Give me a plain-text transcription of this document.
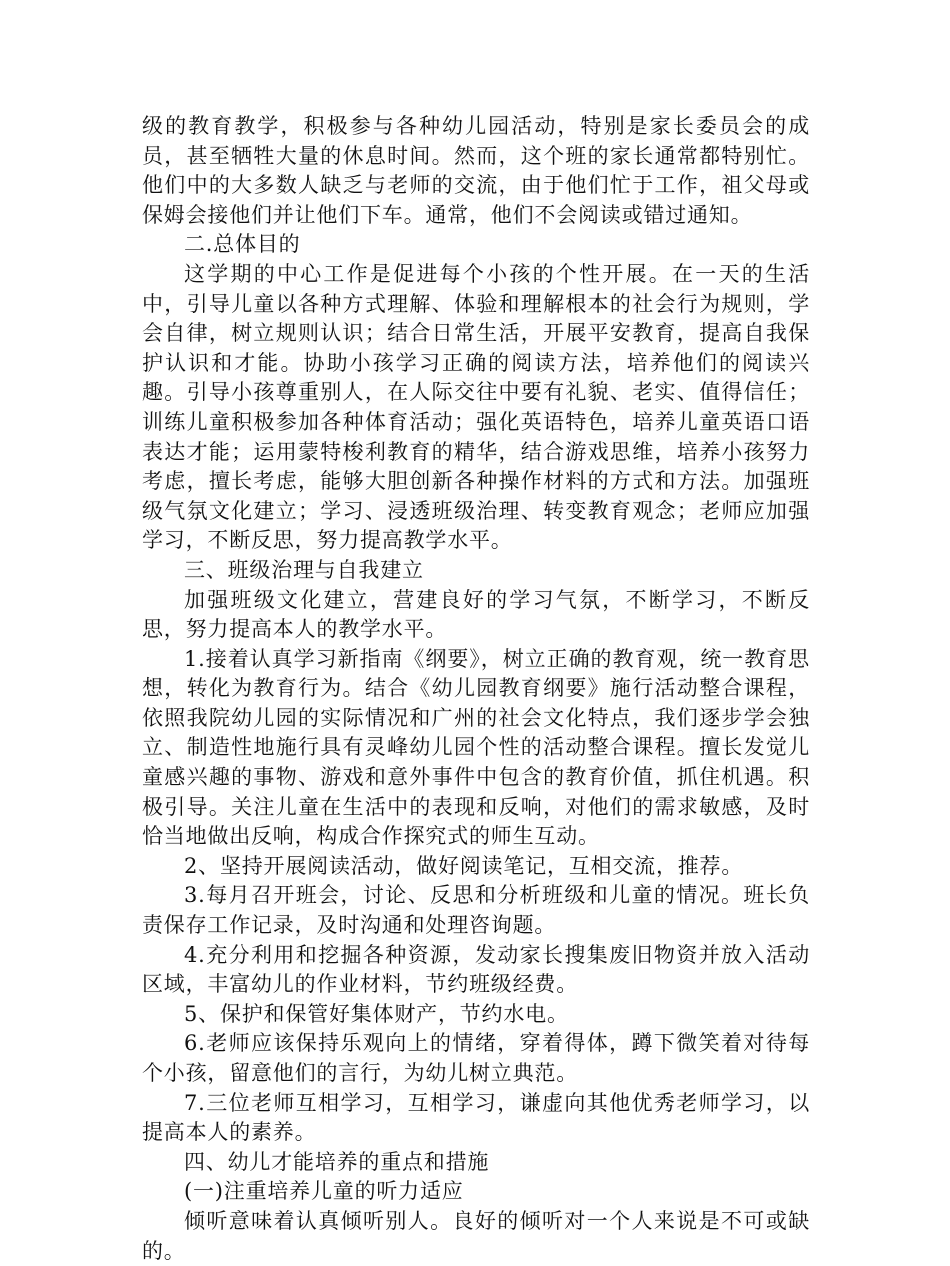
级的教育教学，积极参与各种幼儿园活动，特别是家长委员会的成员，甚至牺牲大量的休息时间。然而，这个班的家长通常都特别忙。他们中的大多数人缺乏与老师的交流，由于他们忙于工作，祖父母或保姆会接他们并让他们下车。通常，他们不会阅读或错过通知。

二.总体目的

这学期的中心工作是促进每个小孩的个性开展。在一天的生活中，引导儿童以各种方式理解、体验和理解根本的社会行为规则，学会自律，树立规则认识；结合日常生活，开展平安教育，提高自我保护认识和才能。协助小孩学习正确的阅读方法，培养他们的阅读兴趣。引导小孩尊重别人，在人际交往中要有礼貌、老实、值得信任；训练儿童积极参加各种体育活动；强化英语特色，培养儿童英语口语表达才能；运用蒙特梭利教育的精华，结合游戏思维，培养小孩努力考虑，擅长考虑，能够大胆创新各种操作材料的方式和方法。加强班级气氛文化建立；学习、浸透班级治理、转变教育观念；老师应加强学习，不断反思，努力提高教学水平。

三、班级治理与自我建立

加强班级文化建立，营建良好的学习气氛，不断学习，不断反思，努力提高本人的教学水平。

1.接着认真学习新指南《纲要》，树立正确的教育观，统一教育思想，转化为教育行为。结合《幼儿园教育纲要》施行活动整合课程，依照我院幼儿园的实际情况和广州的社会文化特点，我们逐步学会独立、制造性地施行具有灵峰幼儿园个性的活动整合课程。擅长发觉儿童感兴趣的事物、游戏和意外事件中包含的教育价值，抓住机遇。积极引导。关注儿童在生活中的表现和反响，对他们的需求敏感，及时恰当地做出反响，构成合作探究式的师生互动。

2、坚持开展阅读活动，做好阅读笔记，互相交流，推荐。

3.每月召开班会，讨论、反思和分析班级和儿童的情况。班长负责保存工作记录，及时沟通和处理咨询题。

4.充分利用和挖掘各种资源，发动家长搜集废旧物资并放入活动区域，丰富幼儿的作业材料，节约班级经费。

5、保护和保管好集体财产，节约水电。

6.老师应该保持乐观向上的情绪，穿着得体，蹲下微笑着对待每个小孩，留意他们的言行，为幼儿树立典范。

7.三位老师互相学习，互相学习，谦虚向其他优秀老师学习，以提高本人的素养。

四、幼儿才能培养的重点和措施

(一)注重培养儿童的听力适应

倾听意味着认真倾听别人。良好的倾听对一个人来说是不可或缺的。
